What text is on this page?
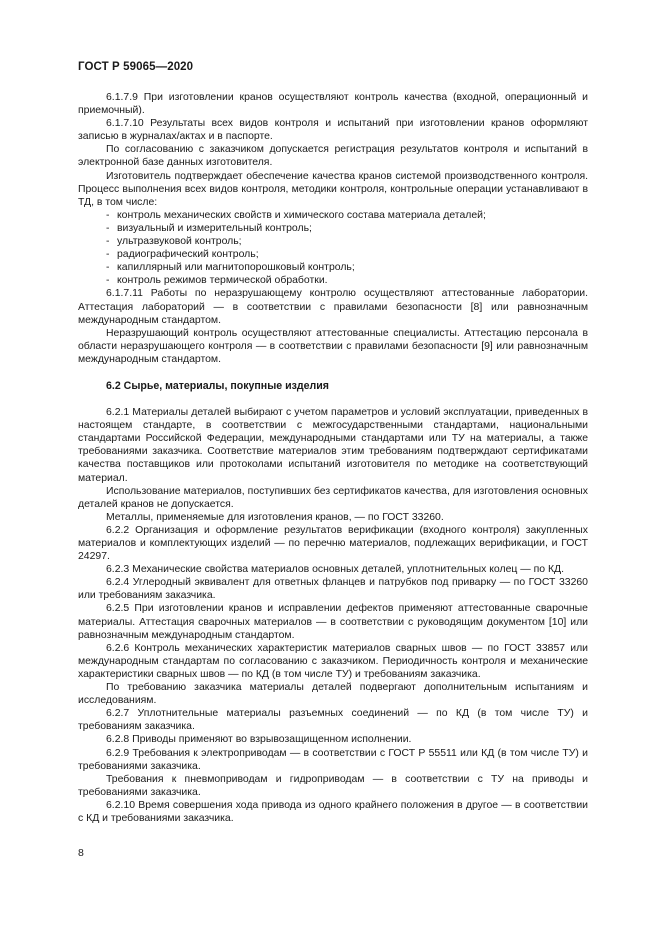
ГОСТ Р 59065—2020

6.1.7.9 При изготовлении кранов осуществляют контроль качества (входной, операционный и приемочный).

6.1.7.10 Результаты всех видов контроля и испытаний при изготовлении кранов оформляют записью в журналах/актах и в паспорте.

По согласованию с заказчиком допускается регистрация результатов контроля и испытаний в электронной базе данных изготовителя.

Изготовитель подтверждает обеспечение качества кранов системой производственного контроля. Процесс выполнения всех видов контроля, методики контроля, контрольные операции устанавливают в ТД, в том числе:

- контроль механических свойств и химического состава материала деталей;

- визуальный и измерительный контроль;

- ультразвуковой контроль;

- радиографический контроль;

- капиллярный или магнитопорошковый контроль;

- контроль режимов термической обработки.

6.1.7.11 Работы по неразрушающему контролю осуществляют аттестованные лаборатории. Аттестация лабораторий — в соответствии с правилами безопасности [8] или равнозначным международным стандартом.

Неразрушающий контроль осуществляют аттестованные специалисты. Аттестацию персонала в области неразрушающего контроля — в соответствии с правилами безопасности [9] или равнозначным международным стандартом.

6.2 Сырье, материалы, покупные изделия

6.2.1 Материалы деталей выбирают с учетом параметров и условий эксплуатации, приведенных в настоящем стандарте, в соответствии с межгосударственными стандартами, национальными стандартами Российской Федерации, международными стандартами или ТУ на материалы, а также требованиями заказчика. Соответствие материалов этим требованиям подтверждают сертификатами качества поставщиков или протоколами испытаний изготовителя по методике на соответствующий материал.

Использование материалов, поступивших без сертификатов качества, для изготовления основных деталей кранов не допускается.

Металлы, применяемые для изготовления кранов, — по ГОСТ 33260.

6.2.2 Организация и оформление результатов верификации (входного контроля) закупленных материалов и комплектующих изделий — по перечню материалов, подлежащих верификации, и ГОСТ 24297.

6.2.3 Механические свойства материалов основных деталей, уплотнительных колец — по КД.

6.2.4 Углеродный эквивалент для ответных фланцев и патрубков под приварку — по ГОСТ 33260 или требованиям заказчика.

6.2.5 При изготовлении кранов и исправлении дефектов применяют аттестованные сварочные материалы. Аттестация сварочных материалов — в соответствии с руководящим документом [10] или равнозначным международным стандартом.

6.2.6 Контроль механических характеристик материалов сварных швов — по ГОСТ 33857 или международным стандартам по согласованию с заказчиком. Периодичность контроля и механические характеристики сварных швов — по КД (в том числе ТУ) и требованиям заказчика.

По требованию заказчика материалы деталей подвергают дополнительным испытаниям и исследованиям.

6.2.7 Уплотнительные материалы разъемных соединений — по КД (в том числе ТУ) и требованиям заказчика.

6.2.8 Приводы применяют во взрывозащищенном исполнении.

6.2.9 Требования к электроприводам — в соответствии с ГОСТ Р 55511 или КД (в том числе ТУ) и требованиями заказчика.

Требования к пневмоприводам и гидроприводам — в соответствии с ТУ на приводы и требованиями заказчика.

6.2.10 Время совершения хода привода из одного крайнего положения в другое — в соответствии с КД и требованиями заказчика.

8
